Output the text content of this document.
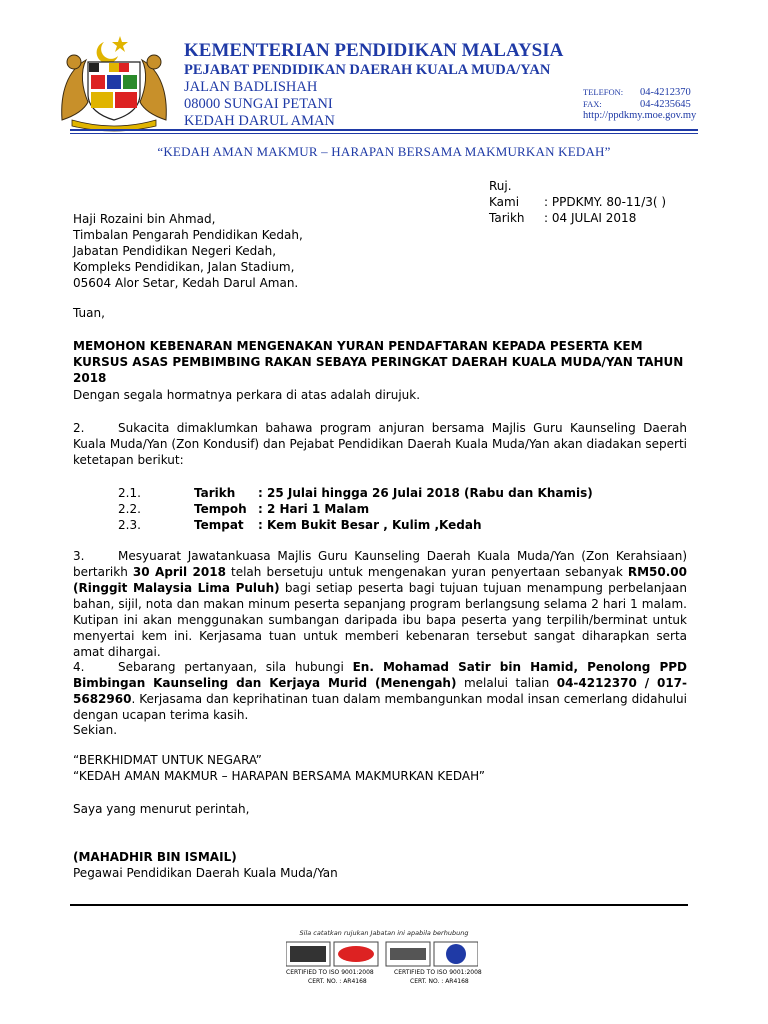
KEMENTERIAN PENDIDIKAN MALAYSIA
PEJABAT PENDIDIKAN DAERAH KUALA MUDA/YAN
JALAN BADLISHAH
08000 SUNGAI PETANI
KEDAH DARUL AMAN
TELEFON: 04-4212370
FAX:	04-4235645
http://ppdkmy.moe.gov.my
“KEDAH AMAN MAKMUR – HARAPAN BERSAMA MAKMURKAN KEDAH”
Ruj. Kami : PPDKMY. 80-11/3( )
Tarikh : 04 JULAI 2018
Haji Rozaini bin Ahmad,
Timbalan Pengarah Pendidikan Kedah,
Jabatan Pendidikan Negeri Kedah,
Kompleks Pendidikan, Jalan Stadium,
05604 Alor Setar, Kedah Darul Aman.
Tuan,
MEMOHON KEBENARAN MENGENAKAN YURAN PENDAFTARAN KEPADA PESERTA KEM KURSUS ASAS PEMBIMBING RAKAN SEBAYA PERINGKAT DAERAH KUALA MUDA/YAN TAHUN 2018
Dengan segala hormatnya perkara di atas adalah dirujuk.
2.	Sukacita dimaklumkan bahawa program anjuran bersama Majlis Guru Kaunseling Daerah Kuala Muda/Yan (Zon Kondusif) dan Pejabat Pendidikan Daerah Kuala Muda/Yan akan diadakan seperti ketetapan berikut:
2.1.	Tarikh : 25 Julai hingga 26 Julai 2018 (Rabu dan Khamis)
2.2.	Tempoh : 2 Hari 1 Malam
2.3.	Tempat : Kem Bukit Besar , Kulim ,Kedah
3.	Mesyuarat Jawatankuasa Majlis Guru Kaunseling Daerah Kuala Muda/Yan (Zon Kerahsiaan) bertarikh 30 April 2018 telah bersetuju untuk mengenakan yuran penyertaan sebanyak RM50.00 (Ringgit Malaysia Lima Puluh) bagi setiap peserta bagi tujuan tujuan menampung perbelanjaan bahan, sijil, nota dan makan minum peserta sepanjang program berlangsung selama 2 hari 1 malam. Kutipan ini akan menggunakan sumbangan daripada ibu bapa peserta yang terpilih/berminat untuk menyertai kem ini. Kerjasama tuan untuk memberi kebenaran tersebut sangat diharapkan serta amat dihargai.
4.	Sebarang pertanyaan, sila hubungi En. Mohamad Satir bin Hamid, Penolong PPD Bimbingan Kaunseling dan Kerjaya Murid (Menengah) melalui talian 04-4212370 / 017-5682960. Kerjasama dan keprihatinan tuan dalam membangunkan modal insan cemerlang didahului dengan ucapan terima kasih.
Sekian.
“BERKHIDMAT UNTUK NEGARA”
“KEDAH AMAN MAKMUR – HARAPAN BERSAMA MAKMURKAN KEDAH”
Saya yang menurut perintah,
(MAHADHIR BIN ISMAIL)
Pegawai Pendidikan Daerah Kuala Muda/Yan
Sila catatkan rujukan Jabatan ini apabila berhubung
CERTIFIED TO ISO 9001:2008
CERT. NO. : AR4168
CERTIFIED TO ISO 9001:2008
CERT. NO. : AR4168
